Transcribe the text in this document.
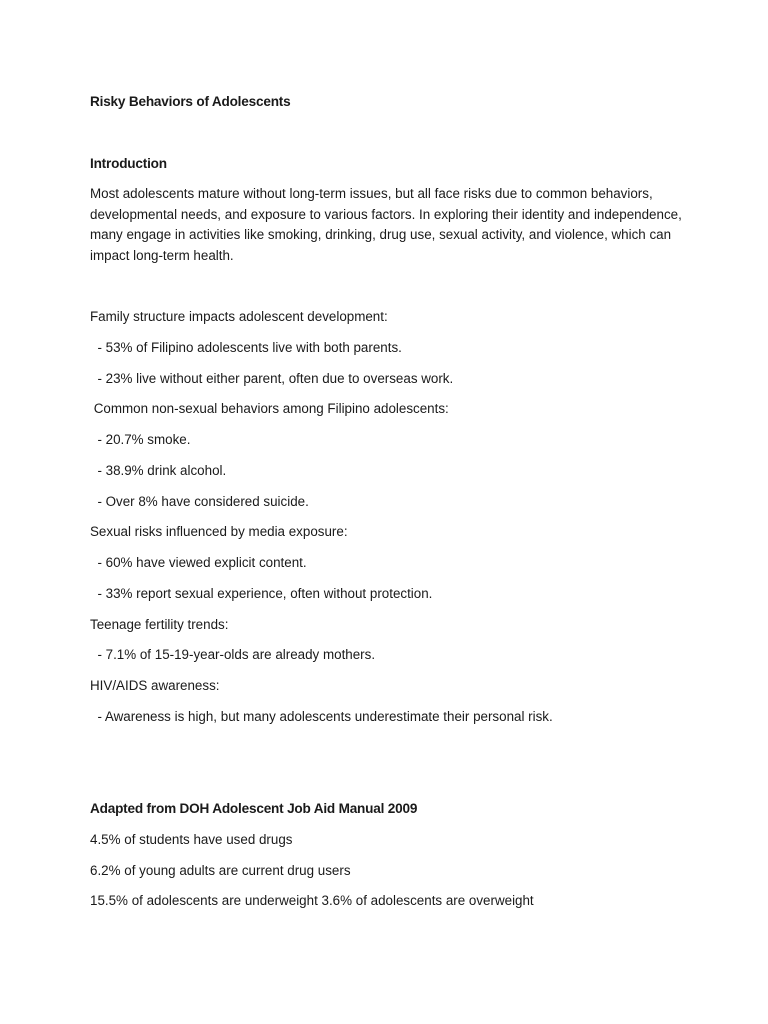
Risky Behaviors of Adolescents
Introduction
Most adolescents mature without long-term issues, but all face risks due to common behaviors, developmental needs, and exposure to various factors. In exploring their identity and independence, many engage in activities like smoking, drinking, drug use, sexual activity, and violence, which can impact long-term health.
Family structure impacts adolescent development:
- 53% of Filipino adolescents live with both parents.
- 23% live without either parent, often due to overseas work.
Common non-sexual behaviors among Filipino adolescents:
- 20.7% smoke.
- 38.9% drink alcohol.
- Over 8% have considered suicide.
Sexual risks influenced by media exposure:
- 60% have viewed explicit content.
- 33% report sexual experience, often without protection.
Teenage fertility trends:
- 7.1% of 15-19-year-olds are already mothers.
HIV/AIDS awareness:
- Awareness is high, but many adolescents underestimate their personal risk.
Adapted from DOH Adolescent Job Aid Manual 2009
4.5% of students have used drugs
6.2% of young adults are current drug users
15.5% of adolescents are underweight 3.6% of adolescents are overweight
